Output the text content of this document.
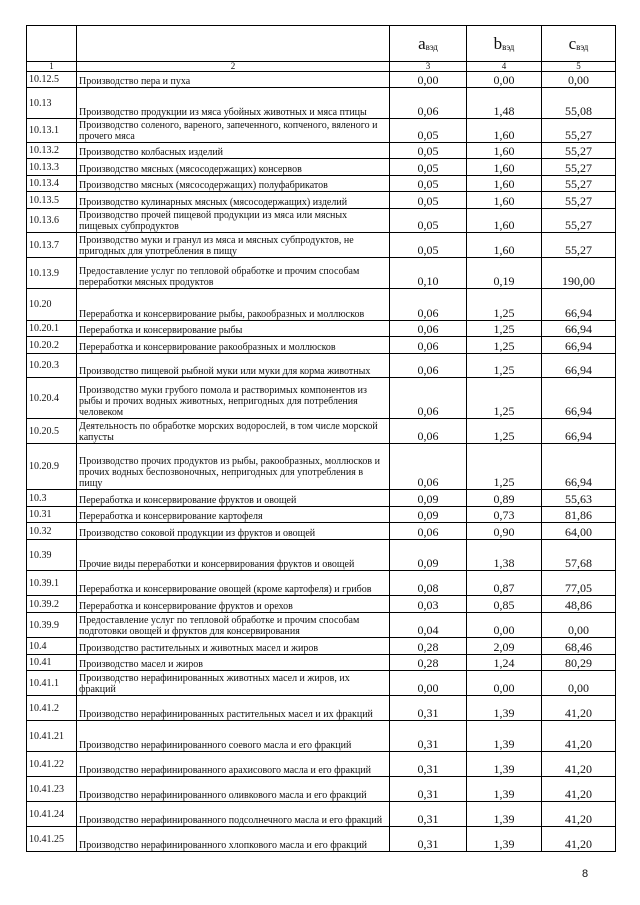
		$a_{вэд}$	$b_{вэд}$	$c_{вэд}$
1	2	3	4	5
10.12.5	Производство пера и пуха	0,00	0,00	0,00
10.13	Производство продукции из мяса убойных животных и мяса птицы	0,06	1,48	55,08
10.13.1	Производство соленого, вареного, запеченного, копченого, вяленого и прочего мяса	0,05	1,60	55,27
10.13.2	Производство колбасных изделий	0,05	1,60	55,27
10.13.3	Производство мясных (мясосодержащих) консервов	0,05	1,60	55,27
10.13.4	Производство мясных (мясосодержащих) полуфабрикатов	0,05	1,60	55,27
10.13.5	Производство кулинарных мясных (мясосодержащих) изделий	0,05	1,60	55,27
10.13.6	Производство прочей пищевой продукции из мяса или мясных пищевых субпродуктов	0,05	1,60	55,27
10.13.7	Производство муки и гранул из мяса и мясных субпродуктов, не пригодных для употребления в пищу	0,05	1,60	55,27
10.13.9	Предоставление услуг по тепловой обработке и прочим способам переработки мясных продуктов	0,10	0,19	190,00
10.20	Переработка и консервирование рыбы, ракообразных и моллюсков	0,06	1,25	66,94
10.20.1	Переработка и консервирование рыбы	0,06	1,25	66,94
10.20.2	Переработка и консервирование ракообразных и моллюсков	0,06	1,25	66,94
10.20.3	Производство пищевой рыбной муки или муки для корма животных	0,06	1,25	66,94
10.20.4	Производство муки грубого помола и растворимых компонентов из рыбы и прочих водных животных, непригодных для потребления человеком	0,06	1,25	66,94
10.20.5	Деятельность по обработке морских водорослей, в том числе морской капусты	0,06	1,25	66,94
10.20.9	Производство прочих продуктов из рыбы, ракообразных, моллюсков и прочих водных беспозвоночных, непригодных для употребления в пищу	0,06	1,25	66,94
10.3	Переработка и консервирование фруктов и овощей	0,09	0,89	55,63
10.31	Переработка и консервирование картофеля	0,09	0,73	81,86
10.32	Производство соковой продукции из фруктов и овощей	0,06	0,90	64,00
10.39	Прочие виды переработки и консервирования фруктов и овощей	0,09	1,38	57,68
10.39.1	Переработка и консервирование овощей (кроме картофеля) и грибов	0,08	0,87	77,05
10.39.2	Переработка и консервирование фруктов и орехов	0,03	0,85	48,86
10.39.9	Предоставление услуг по тепловой обработке и прочим способам подготовки овощей и фруктов для консервирования	0,04	0,00	0,00
10.4	Производство растительных и животных масел и жиров	0,28	2,09	68,46
10.41	Производство масел и жиров	0,28	1,24	80,29
10.41.1	Производство нерафинированных животных масел и жиров, их фракций	0,00	0,00	0,00
10.41.2	Производство нерафинированных растительных масел и их фракций	0,31	1,39	41,20
10.41.21	Производство нерафинированного соевого масла и его фракций	0,31	1,39	41,20
10.41.22	Производство нерафинированного арахисового масла и его фракций	0,31	1,39	41,20
10.41.23	Производство нерафинированного оливкового масла и его фракций	0,31	1,39	41,20
10.41.24	Производство нерафинированного подсолнечного масла и его фракций	0,31	1,39	41,20
10.41.25	Производство нерафинированного хлопкового масла и его фракций	0,31	1,39	41,20
8
